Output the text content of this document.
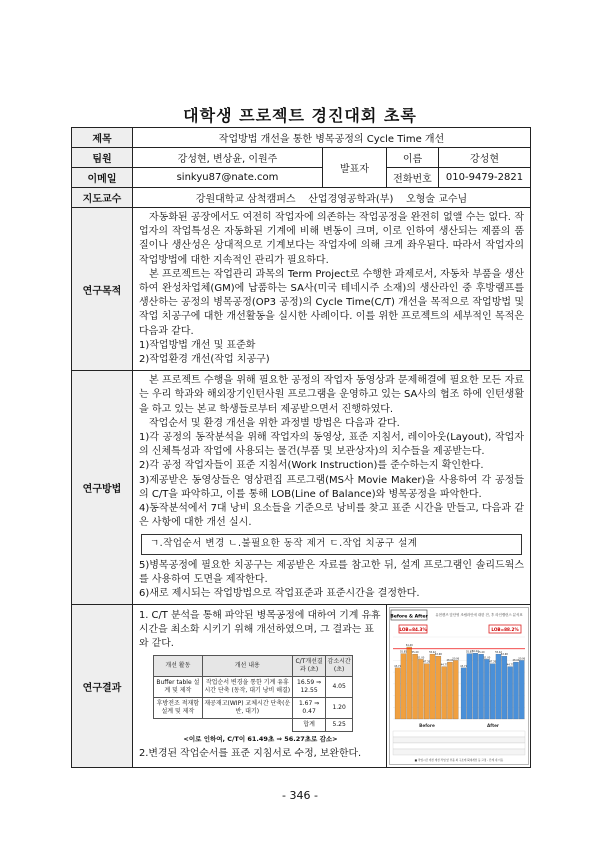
대학생 프로젝트 경진대회 초록
제목	작업방법 개선을 통한 병목공정의 Cycle Time 개선
팀원	강성현, 변상윤, 이원주	발표자	이름	강성현
이메일	sinkyu87@nate.com	전화번호	010-9479-2821
지도교수	강원대학교 삼척캠퍼스    산업경영공학과(부)    오형술 교수님
연구목적	

자동화된 공장에서도 여전히 작업자에 의존하는 작업공정을 완전히 없앨 수는 없다. 작업자의 작업특성은 자동화된 기계에 비해 변동이 크며, 이로 인하여 생산되는 제품의 품질이나 생산성은 상대적으로 기계보다는 작업자에 의해 크게 좌우된다. 따라서 작업자의 작업방법에 대한 지속적인 관리가 필요하다.

본 프로젝트는 작업관리 과목의 Term Project로 수행한 과제로서, 자동차 부품을 생산하여 완성차업체(GM)에 납품하는 SA사(미국 테네시주 소재)의 생산라인 중 후방램프를 생산하는 공정의 병목공정(OP3 공정)의 Cycle Time(C/T) 개선을 목적으로 작업방법 및 작업 치공구에 대한 개선활동을 실시한 사례이다. 이를 위한 프로젝트의 세부적인 목적은 다음과 같다.

1)작업방법 개선 및 표준화

2)작업환경 개선(작업 치공구)

연구방법	

본 프로젝트 수행을 위해 필요한 공정의 작업자 동영상과 문제해결에 필요한 모든 자료는 우리 학과와 해외장기인턴사원 프로그램을 운영하고 있는 SA사의 협조 하에 인턴생활을 하고 있는 본교 학생들로부터 제공받으면서 진행하였다.

작업순서 및 환경 개선을 위한 과정별 방법은 다음과 같다.

1)각 공정의 동작분석을 위해 작업자의 동영상, 표준 지침서, 레이아웃(Layout), 작업자의 신체특성과 작업에 사용되는 물건(부품 및 보관상자)의 치수들을 제공받는다.

2)각 공정 작업자들이 표준 지침서(Work Instruction)를 준수하는지 확인한다.

3)제공받은 동영상들은 영상편집 프로그램(MS사 Movie Maker)을 사용하여 각 공정들의 C/T을 파악하고, 이를 통해 LOB(Line of Balance)와 병목공정을 파악한다.

4)동작분석에서 7대 낭비 요소들을 기준으로 낭비를 찾고 표준 시간을 만들고, 다음과 같은 사항에 대한 개선 실시.

ㄱ.작업순서 변경 ㄴ.불필요한 동작 제거 ㄷ.작업 치공구 설계

5)병목공정에 필요한 치공구는 제공받은 자료를 참고한 뒤, 설계 프로그램인 솔리드웍스를 사용하여 도면을 제작한다.

6)새로 제시되는 작업방법으로 작업표준과 표준시간을 결정한다.

연구결과	
1. C/T 분석을 통해 파악된 병목공정에 대하여 기계 유휴시간을 최소화 시키기 위해 개선하였으며, 그 결과는 표와 같다.
개선 활동	개선 내용	C/T개선결과 (초)	감소시간 (초)
Buffer table 설계 및 제작	작업순서 변경을 통한 기계 유휴시간 단축 (동작, 대기 낭비 해결)	16.59 ⇒ 12.55	4.05
후방전조 적재함 설계 및 제작	재공재고(WIP) 교체시간 단축(운반, 대기)	1.67 ⇒ 0.47	1.20
		합계	5.25
<이로 인하여, C/T이 61.49초 ⇒ 56.27초로 감소>
2.변경된 작업순서를 표준 지침서로 수정, 보완한다.

Before & After 유현렌즈 앞단영 조립라인에 대한 전, 후 라인밸런스 분석표
LOB=84.3%	LOB=88.2%
43.71
55.85
61.49
55.40
51.00
47.26
55.42
53.68
44.77
48.61
50.06
43.71
55.85
56.27
55.40
51.00
47.26
55.42
53.68
44.77
48.61
50.06
Before	After
■ 작업시간 개선 개선 작업 앞 부품 외 구조에 확대개선 등 고정 - 단계 내 이동
- 346 -
